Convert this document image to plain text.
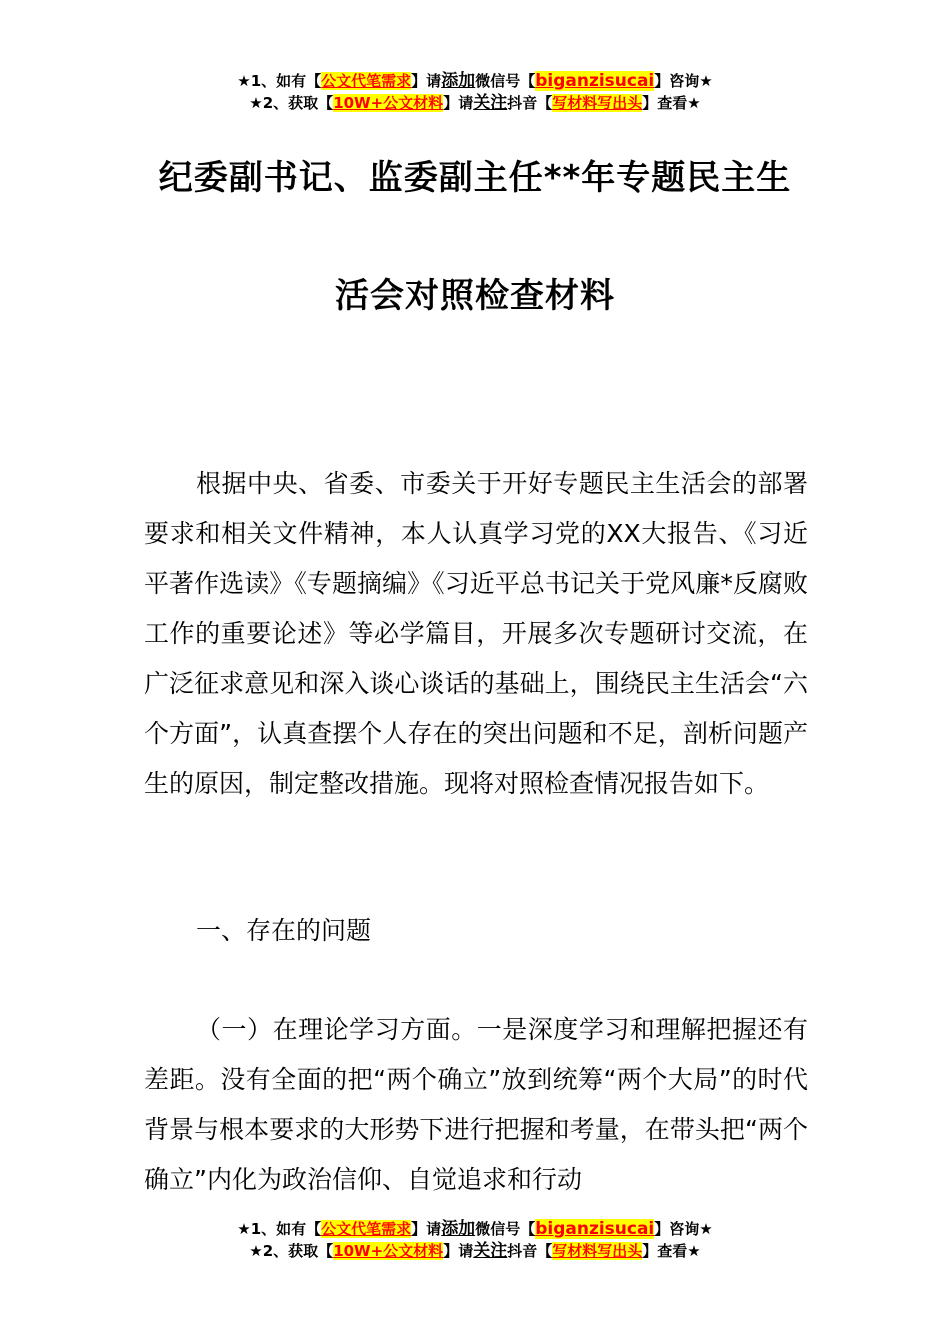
★1、如有【公文代笔需求】请添加微信号【biganzisucai】咨询★
★2、获取【10W+公文材料】请关注抖音【写材料写出头】查看★
纪委副书记、监委副主任**年专题民主生
活会对照检查材料
根据中央、省委、市委关于开好专题民主生活会的部署要求和相关文件精神，本人认真学习党的XX大报告、《习近平著作选读》《专题摘编》《习近平总书记关于党风廉*反腐败工作的重要论述》等必学篇目，开展多次专题研讨交流，在广泛征求意见和深入谈心谈话的基础上，围绕民主生活会“六个方面”，认真查摆个人存在的突出问题和不足，剖析问题产生的原因，制定整改措施。现将对照检查情况报告如下。
一、存在的问题
（一）在理论学习方面。一是深度学习和理解把握还有差距。没有全面的把“两个确立”放到统筹“两个大局”的时代背景与根本要求的大形势下进行把握和考量，在带头把“两个确立”内化为政治信仰、自觉追求和行动
★1、如有【公文代笔需求】请添加微信号【biganzisucai】咨询★
★2、获取【10W+公文材料】请关注抖音【写材料写出头】查看★
